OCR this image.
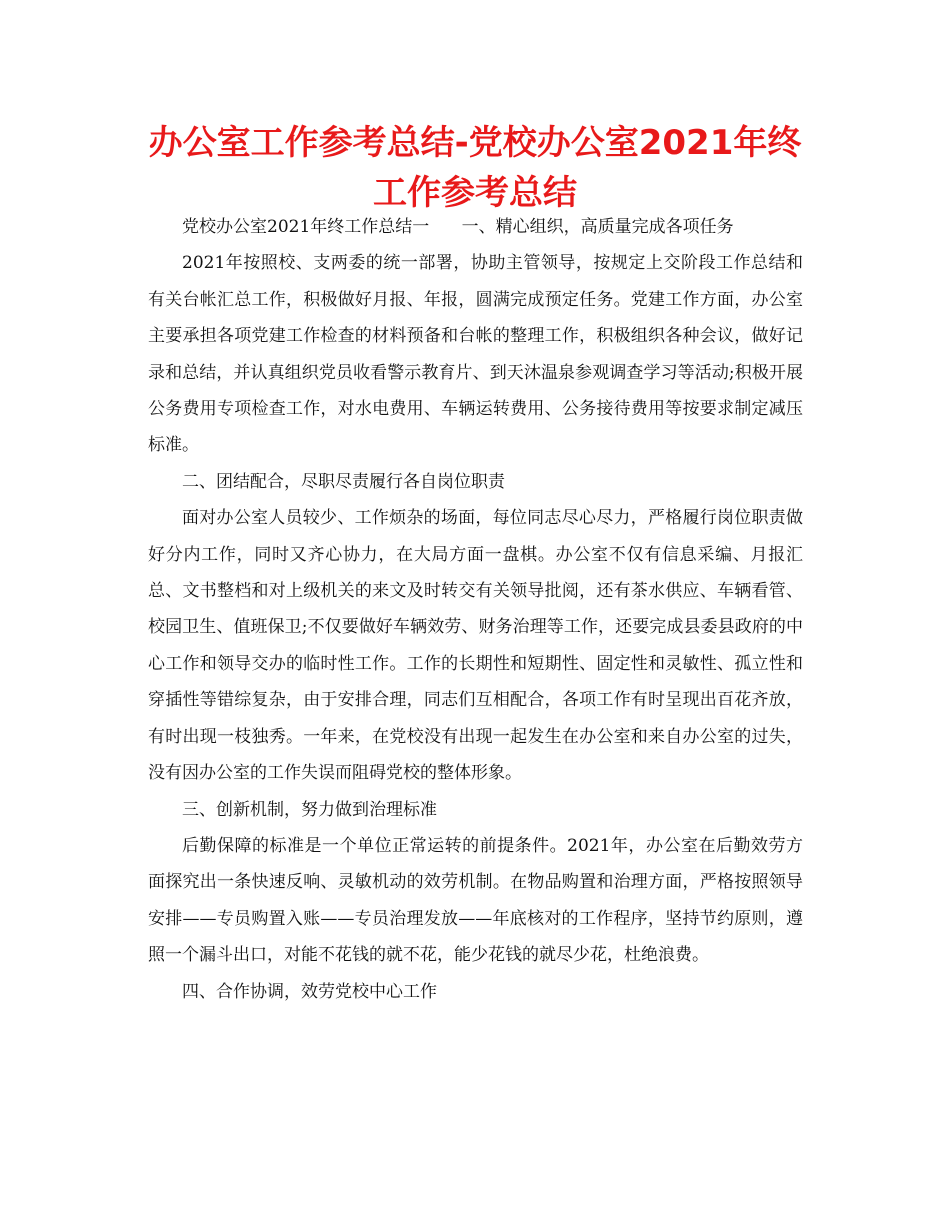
办公室工作参考总结-党校办公室2021年终工作参考总结

党校办公室2021年终工作总结一      一、精心组织，高质量完成各项任务

2021年按照校、支两委的统一部署，协助主管领导，按规定上交阶段工作总结和有关台帐汇总工作，积极做好月报、年报，圆满完成预定任务。党建工作方面，办公室主要承担各项党建工作检查的材料预备和台帐的整理工作，积极组织各种会议，做好记录和总结，并认真组织党员收看警示教育片、到天沐温泉参观调查学习等活动;积极开展公务费用专项检查工作，对水电费用、车辆运转费用、公务接待费用等按要求制定减压标准。

二、团结配合，尽职尽责履行各自岗位职责

面对办公室人员较少、工作烦杂的场面，每位同志尽心尽力，严格履行岗位职责做好分内工作，同时又齐心协力，在大局方面一盘棋。办公室不仅有信息采编、月报汇总、文书整档和对上级机关的来文及时转交有关领导批阅，还有茶水供应、车辆看管、校园卫生、值班保卫;不仅要做好车辆效劳、财务治理等工作，还要完成县委县政府的中心工作和领导交办的临时性工作。工作的长期性和短期性、固定性和灵敏性、孤立性和穿插性等错综复杂，由于安排合理，同志们互相配合，各项工作有时呈现出百花齐放，有时出现一枝独秀。一年来，在党校没有出现一起发生在办公室和来自办公室的过失，没有因办公室的工作失误而阻碍党校的整体形象。

三、创新机制，努力做到治理标准

后勤保障的标准是一个单位正常运转的前提条件。2021年，办公室在后勤效劳方面探究出一条快速反响、灵敏机动的效劳机制。在物品购置和治理方面，严格按照领导安排——专员购置入账——专员治理发放——年底核对的工作程序，坚持节约原则，遵照一个漏斗出口，对能不花钱的就不花，能少花钱的就尽少花，杜绝浪费。

四、合作协调，效劳党校中心工作
